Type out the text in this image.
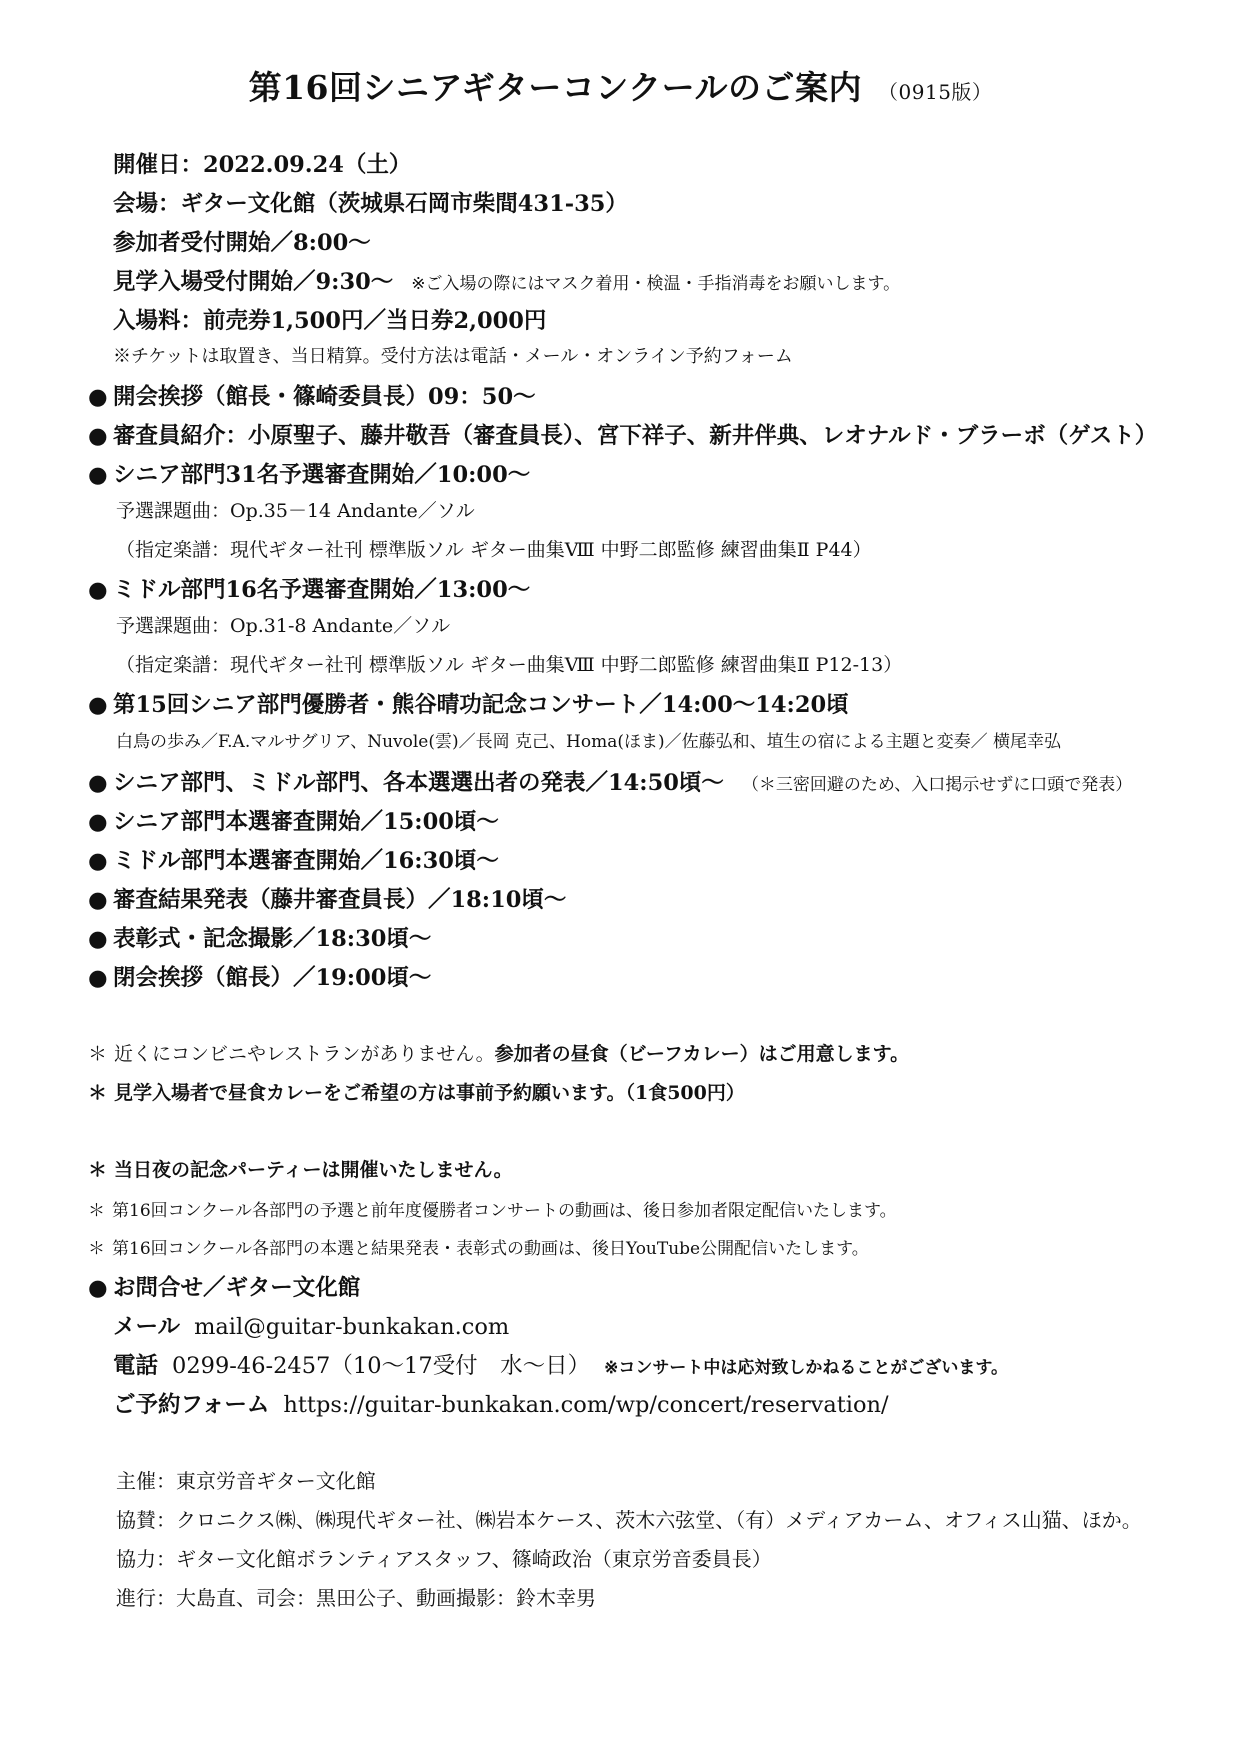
第16回シニアギターコンクールのご案内 （0915版）
開催日：2022.09.24（土）
会場：ギター文化館（茨城県石岡市柴間431-35）
参加者受付開始／8:00～
見学入場受付開始／9:30～ ※ご入場の際にはマスク着用・検温・手指消毒をお願いします。
入場料：前売券1,500円／当日券2,000円
※チケットは取置き、当日精算。受付方法は電話・メール・オンライン予約フォーム
● 開会挨拶（館長・篠崎委員長）09：50～
● 審査員紹介：小原聖子、藤井敬吾（審査員長）、宮下祥子、新井伴典、レオナルド・ブラーボ（ゲスト）
● シニア部門31名予選審査開始／10:00～
予選課題曲：Op.35－14 Andante／ソル
（指定楽譜：現代ギター社刊 標準版ソル ギター曲集Ⅷ 中野二郎監修 練習曲集Ⅱ P44）
● ミドル部門16名予選審査開始／13:00～
予選課題曲：Op.31-8 Andante／ソル
（指定楽譜：現代ギター社刊 標準版ソル ギター曲集Ⅷ 中野二郎監修 練習曲集Ⅱ P12-13）
● 第15回シニア部門優勝者・熊谷晴功記念コンサート／14:00～14:20頃
白鳥の歩み／F.A.マルサグリア、Nuvole(雲)／長岡 克己、Homa(ほま)／佐藤弘和、埴生の宿による主題と変奏／ 横尾幸弘
● シニア部門、ミドル部門、各本選選出者の発表／14:50頃～ （＊三密回避のため、入口掲示せずに口頭で発表）
● シニア部門本選審査開始／15:00頃～
● ミドル部門本選審査開始／16:30頃～
● 審査結果発表（藤井審査員長）／18:10頃～
● 表彰式・記念撮影／18:30頃～
● 閉会挨拶（館長）／19:00頃～
＊ 近くにコンビニやレストランがありません。参加者の昼食（ビーフカレー）はご用意します。
＊ 見学入場者で昼食カレーをご希望の方は事前予約願います。（1食500円）
＊ 当日夜の記念パーティーは開催いたしません。
＊ 第16回コンクール各部門の予選と前年度優勝者コンサートの動画は、後日参加者限定配信いたします。
＊ 第16回コンクール各部門の本選と結果発表・表彰式の動画は、後日YouTube公開配信いたします。
● お問合せ／ギター文化館
メール mail@guitar-bunkakan.com
電話 0299-46-2457（10～17受付　水～日） ※コンサート中は応対致しかねることがございます。
ご予約フォーム https://guitar-bunkakan.com/wp/concert/reservation/
主催：東京労音ギター文化館
協賛：クロニクス㈱、㈱現代ギター社、㈱岩本ケース、茨木六弦堂、（有）メディアカーム、オフィス山猫、ほか。
協力：ギター文化館ボランティアスタッフ、篠崎政治（東京労音委員長）
進行：大島直、司会：黒田公子、動画撮影：鈴木幸男
